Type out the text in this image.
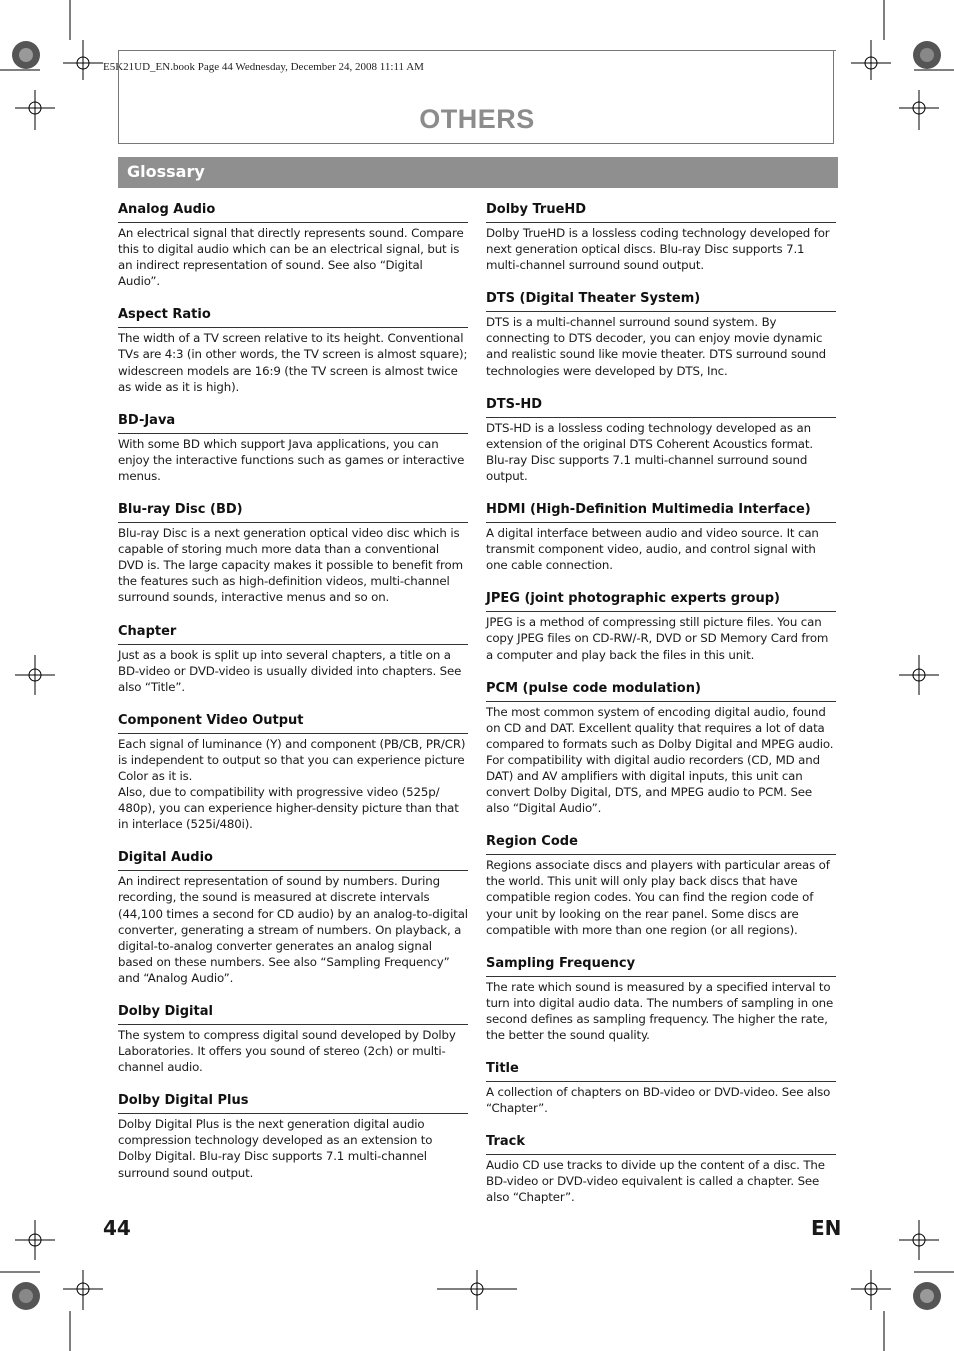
E5K21UD_EN.book Page 44 Wednesday, December 24, 2008 11:11 AM
OTHERS
Glossary
Analog Audio

An electrical signal that directly represents sound. Compare this to digital audio which can be an electrical signal, but is an indirect representation of sound. See also “Digital Audio”.

Aspect Ratio

The width of a TV screen relative to its height. Conventional TVs are 4:3 (in other words, the TV screen is almost square); widescreen models are 16:9 (the TV screen is almost twice as wide as it is high).

BD-Java

With some BD which support Java applications, you can enjoy the interactive functions such as games or interactive menus.

Blu-ray Disc (BD)

Blu-ray Disc is a next generation optical video disc which is capable of storing much more data than a conventional DVD is. The large capacity makes it possible to benefit from the features such as high-definition videos, multi-channel surround sounds, interactive menus and so on.

Chapter

Just as a book is split up into several chapters, a title on a BD-video or DVD-video is usually divided into chapters. See also “Title”.

Component Video Output

Each signal of luminance (Y) and component (PB/CB, PR/CR) is independent to output so that you can experience picture Color as it is.

Also, due to compatibility with progressive video (525p/ 480p), you can experience higher-density picture than that in interlace (525i/480i).

Digital Audio

An indirect representation of sound by numbers. During recording, the sound is measured at discrete intervals (44,100 times a second for CD audio) by an analog-to-digital converter, generating a stream of numbers. On playback, a digital-to-analog converter generates an analog signal based on these numbers. See also “Sampling Frequency” and “Analog Audio”.

Dolby Digital

The system to compress digital sound developed by Dolby Laboratories. It offers you sound of stereo (2ch) or multi-channel audio.

Dolby Digital Plus

Dolby Digital Plus is the next generation digital audio compression technology developed as an extension to Dolby Digital. Blu-ray Disc supports 7.1 multi-channel surround sound output.

Dolby TrueHD

Dolby TrueHD is a lossless coding technology developed for next generation optical discs. Blu-ray Disc supports 7.1 multi-channel surround sound output.

DTS (Digital Theater System)

DTS is a multi-channel surround sound system. By connecting to DTS decoder, you can enjoy movie dynamic and realistic sound like movie theater. DTS surround sound technologies were developed by DTS, Inc.

DTS-HD

DTS-HD is a lossless coding technology developed as an extension of the original DTS Coherent Acoustics format. Blu-ray Disc supports 7.1 multi-channel surround sound output.

HDMI (High-Definition Multimedia Interface)

A digital interface between audio and video source. It can transmit component video, audio, and control signal with one cable connection.

JPEG (joint photographic experts group)

JPEG is a method of compressing still picture files. You can copy JPEG files on CD-RW/-R, DVD or SD Memory Card from a computer and play back the files in this unit.

PCM (pulse code modulation)

The most common system of encoding digital audio, found on CD and DAT. Excellent quality that requires a lot of data compared to formats such as Dolby Digital and MPEG audio. For compatibility with digital audio recorders (CD, MD and DAT) and AV amplifiers with digital inputs, this unit can convert Dolby Digital, DTS, and MPEG audio to PCM. See also “Digital Audio”.

Region Code

Regions associate discs and players with particular areas of the world. This unit will only play back discs that have compatible region codes. You can find the region code of your unit by looking on the rear panel. Some discs are compatible with more than one region (or all regions).

Sampling Frequency

The rate which sound is measured by a specified interval to turn into digital audio data. The numbers of sampling in one second defines as sampling frequency. The higher the rate, the better the sound quality.

Title

A collection of chapters on BD-video or DVD-video. See also “Chapter”.

Track

Audio CD use tracks to divide up the content of a disc. The BD-video or DVD-video equivalent is called a chapter. See also “Chapter”.

44	EN
